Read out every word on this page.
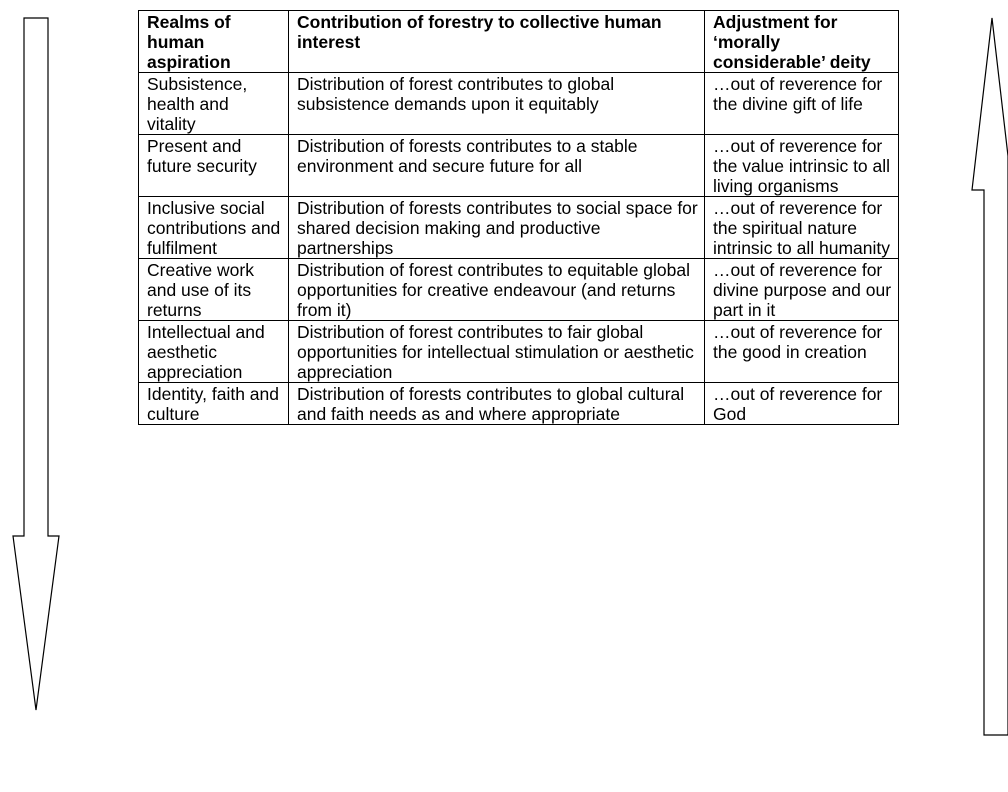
Realms of human aspiration	Contribution of forestry to collective human interest	Adjustment for ‘morally considerable’ deity
Subsistence, health and vitality	Distribution of forest contributes to global subsistence demands upon it equitably	…out of reverence for the divine gift of life
Present and future security	Distribution of forests contributes to a stable environment and secure future for all	…out of reverence for the value intrinsic to all living organisms
Inclusive social contributions and fulfilment	Distribution of forests contributes to social space for shared decision making and productive partnerships	…out of reverence for the spiritual nature intrinsic to all humanity
Creative work and use of its returns	Distribution of forest contributes to equitable global opportunities for creative endeavour (and returns from it)	…out of reverence for divine purpose and our part in it
Intellectual and aesthetic appreciation	Distribution of forest contributes to fair global opportunities for intellectual stimulation or aesthetic appreciation	…out of reverence for the good in creation
Identity, faith and culture	Distribution of forests contributes to global cultural and faith needs as and where appropriate	…out of reverence for God
